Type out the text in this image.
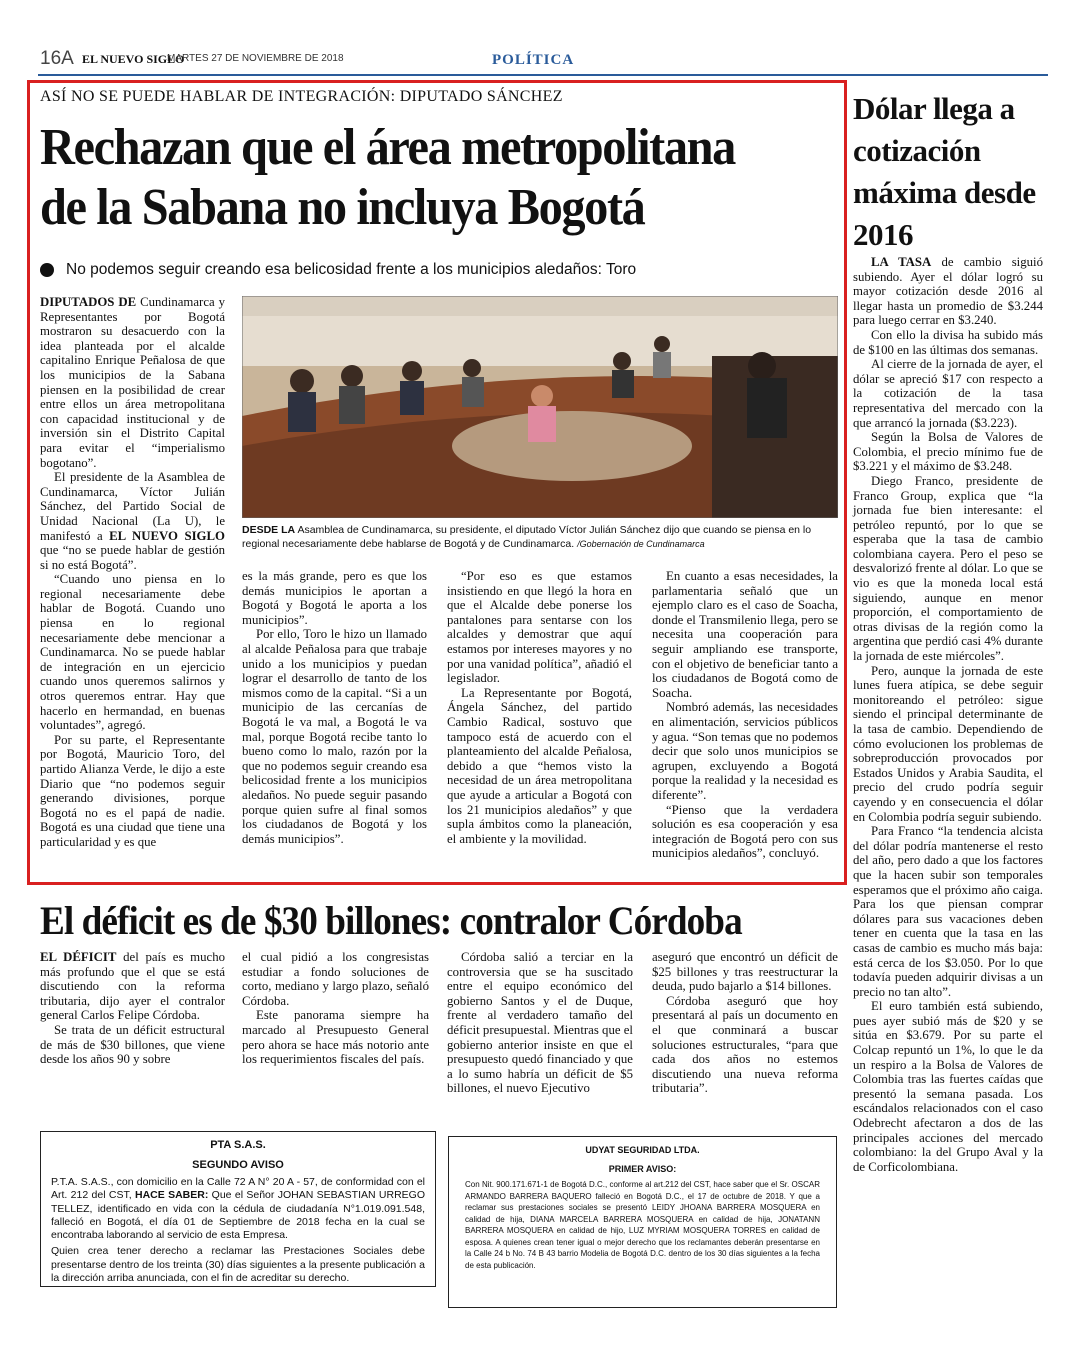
16A EL NUEVO SIGLO
MARTES 27 DE NOVIEMBRE DE 2018	POLÍTICA
ASÍ NO SE PUEDE HABLAR DE INTEGRACIÓN: DIPUTADO SÁNCHEZ
Rechazan que el área metropolitana
de la Sabana no incluya Bogotá
No podemos seguir creando esa belicosidad frente a los municipios aledaños: Toro

DIPUTADOS DE Cundinamarca y Representantes por Bogotá mostraron su desacuerdo con la idea planteada por el alcalde capitalino Enrique Peñalosa de que los municipios de la Sabana piensen en la posibilidad de crear entre ellos un área metropolitana con capacidad institucional y de inversión sin el Distrito Capital para evitar el “imperialismo bogotano”.

El presidente de la Asamblea de Cundinamarca, Víctor Julián Sánchez, del Partido Social de Unidad Nacional (La U), le manifestó a EL NUEVO SIGLO que “no se puede hablar de gestión si no está Bogotá”.

“Cuando uno piensa en lo regional necesariamente debe hablar de Bogotá. Cuando uno piensa en lo regional necesariamente debe mencionar a Cundinamarca. No se puede hablar de integración en un ejercicio cuando unos queremos salirnos y otros queremos entrar. Hay que hacerlo en hermandad, en buenas voluntades”, agregó.

Por su parte, el Representante por Bogotá, Mauricio Toro, del partido Alianza Verde, le dijo a este Diario que “no podemos seguir generando divisiones, porque Bogotá no es el papá de nadie. Bogotá es una ciudad que tiene una particularidad y es que

DESDE LA Asamblea de Cundinamarca, su presidente, el diputado Víctor Julián Sánchez dijo que cuando se piensa en lo regional necesariamente debe hablarse de Bogotá y de Cundinamarca. /Gobernación de Cundinamarca

es la más grande, pero es que los demás municipios le aportan a Bogotá y Bogotá le aporta a los municipios”.

Por ello, Toro le hizo un llamado al alcalde Peñalosa para que trabaje unido a los municipios y puedan lograr el desarrollo de tanto de los mismos como de la capital. “Si a un municipio de las cercanías de Bogotá le va mal, a Bogotá le va mal, porque Bogotá recibe tanto lo bueno como lo malo, razón por la que no podemos seguir creando esa belicosidad frente a los municipios aledaños. No puede seguir pasando porque quien sufre al final somos los ciudadanos de Bogotá y los demás municipios”.

“Por eso es que estamos insistiendo en que llegó la hora en que el Alcalde debe ponerse los pantalones para sentarse con los alcaldes y demostrar que aquí estamos por intereses mayores y no por una vanidad política”, añadió el legislador.

La Representante por Bogotá, Ángela Sánchez, del partido Cambio Radical, sostuvo que tampoco está de acuerdo con el planteamiento del alcalde Peñalosa, debido a que “hemos visto la necesidad de un área metropolitana que ayude a articular a Bogotá con los 21 municipios aledaños” y que supla ámbitos como la planeación, el ambiente y la movilidad.

En cuanto a esas necesidades, la parlamentaria señaló que un ejemplo claro es el caso de Soacha, donde el Transmilenio llega, pero se necesita una cooperación para seguir ampliando ese transporte, con el objetivo de beneficiar tanto a los ciudadanos de Bogotá como de Soacha.

Nombró además, las necesidades en alimentación, servicios públicos y agua. “Son temas que no podemos decir que solo unos municipios se agrupen, excluyendo a Bogotá porque la realidad y la necesidad es diferente”.

“Pienso que la verdadera solución es esa cooperación y esa integración de Bogotá pero con sus municipios aledaños”, concluyó.

Dólar llega a cotización máxima desde 2016

LA TASA de cambio siguió subiendo. Ayer el dólar logró su mayor cotización desde 2016 al llegar hasta un promedio de $3.244 para luego cerrar en $3.240.

Con ello la divisa ha subido más de $100 en las últimas dos semanas.

Al cierre de la jornada de ayer, el dólar se apreció $17 con respecto a la cotización de la tasa representativa del mercado con la que arrancó la jornada ($3.223).

Según la Bolsa de Valores de Colombia, el precio mínimo fue de $3.221 y el máximo de $3.248.

Diego Franco, presidente de Franco Group, explica que “la jornada fue bien interesante: el petróleo repuntó, por lo que se esperaba que la tasa de cambio colombiana cayera. Pero el peso se desvalorizó frente al dólar. Lo que se vio es que la moneda local está siguiendo, aunque en menor proporción, el comportamiento de otras divisas de la región como la argentina que perdió casi 4% durante la jornada de este miércoles”.

Pero, aunque la jornada de este lunes fuera atípica, se debe seguir monitoreando el petróleo: sigue siendo el principal determinante de la tasa de cambio. Dependiendo de cómo evolucionen los problemas de sobreproducción provocados por Estados Unidos y Arabia Saudita, el precio del crudo podría seguir cayendo y en consecuencia el dólar en Colombia podría seguir subiendo.

Para Franco “la tendencia alcista del dólar podría mantenerse el resto del año, pero dado a que los factores que la hacen subir son temporales esperamos que el próximo año caiga. Para los que piensan comprar dólares para sus vacaciones deben tener en cuenta que la tasa en las casas de cambio es mucho más baja: está cerca de los $3.050. Por lo que todavía pueden adquirir divisas a un precio no tan alto”.

El euro también está subiendo, pues ayer subió más de $20 y se sitúa en $3.679. Por su parte el Colcap repuntó un 1%, lo que le da un respiro a la Bolsa de Valores de Colombia tras las fuertes caídas que presentó la semana pasada. Los escándalos relacionados con el caso Odebrecht afectaron a dos de las principales acciones del mercado colombiano: la del Grupo Aval y la de Corficolombiana.

El déficit es de $30 billones: contralor Córdoba

EL DÉFICIT del país es mucho más profundo que el que se está discutiendo con la reforma tributaria, dijo ayer el contralor general Carlos Felipe Córdoba.

Se trata de un déficit estructural de más de $30 billones, que viene desde los años 90 y sobre

el cual pidió a los congresistas estudiar a fondo soluciones de corto, mediano y largo plazo, señaló Córdoba.

Este panorama siempre ha marcado al Presupuesto General pero ahora se hace más notorio ante los requerimientos fiscales del país.

Córdoba salió a terciar en la controversia que se ha suscitado entre el equipo económico del gobierno Santos y el de Duque, frente al verdadero tamaño del déficit presupuestal. Mientras que el gobierno anterior insiste en que el presupuesto quedó financiado y que a lo sumo habría un déficit de $5 billones, el nuevo Ejecutivo

aseguró que encontró un déficit de $25 billones y tras reestructurar la deuda, pudo bajarlo a $14 billones.

Córdoba aseguró que hoy presentará al país un documento en el que conminará a buscar soluciones estructurales, “para que cada dos años no estemos discutiendo una nueva reforma tributaria”.

PTA S.A.S.
SEGUNDO AVISO

P.T.A. S.A.S., con domicilio en la Calle 72 A N° 20 A - 57, de conformidad con el Art. 212 del CST, HACE SABER: Que el Señor JOHAN SEBASTIAN URREGO TELLEZ, identificado en vida con la cédula de ciudadanía N°1.019.091.548, falleció en Bogotá, el día 01 de Septiembre de 2018 fecha en la cual se encontraba laborando al servicio de esta Empresa.

Quien crea tener derecho a reclamar las Prestaciones Sociales debe presentarse dentro de los treinta (30) días siguientes a la presente publicación a la dirección arriba anunciada, con el fin de acreditar su derecho.

UDYAT SEGURIDAD LTDA.
PRIMER AVISO:
Con Nit. 900.171.671-1 de Bogotá D.C., conforme al art.212 del CST, hace saber que el Sr. OSCAR ARMANDO BARRERA BAQUERO falleció en Bogotá D.C., el 17 de octubre de 2018. Y que a reclamar sus prestaciones sociales se presentó LEIDY JHOANA BARRERA MOSQUERA en calidad de hija, DIANA MARCELA BARRERA MOSQUERA en calidad de hija, JONATANN BARRERA MOSQUERA en calidad de hijo, LUZ MYRIAM MOSQUERA TORRES en calidad de esposa. A quienes crean tener igual o mejor derecho que los reclamantes deberán presentarse en la Calle 24 b No. 74 B 43 barrio Modelia de Bogotá D.C. dentro de los 30 días siguientes a la fecha de esta publicación.
